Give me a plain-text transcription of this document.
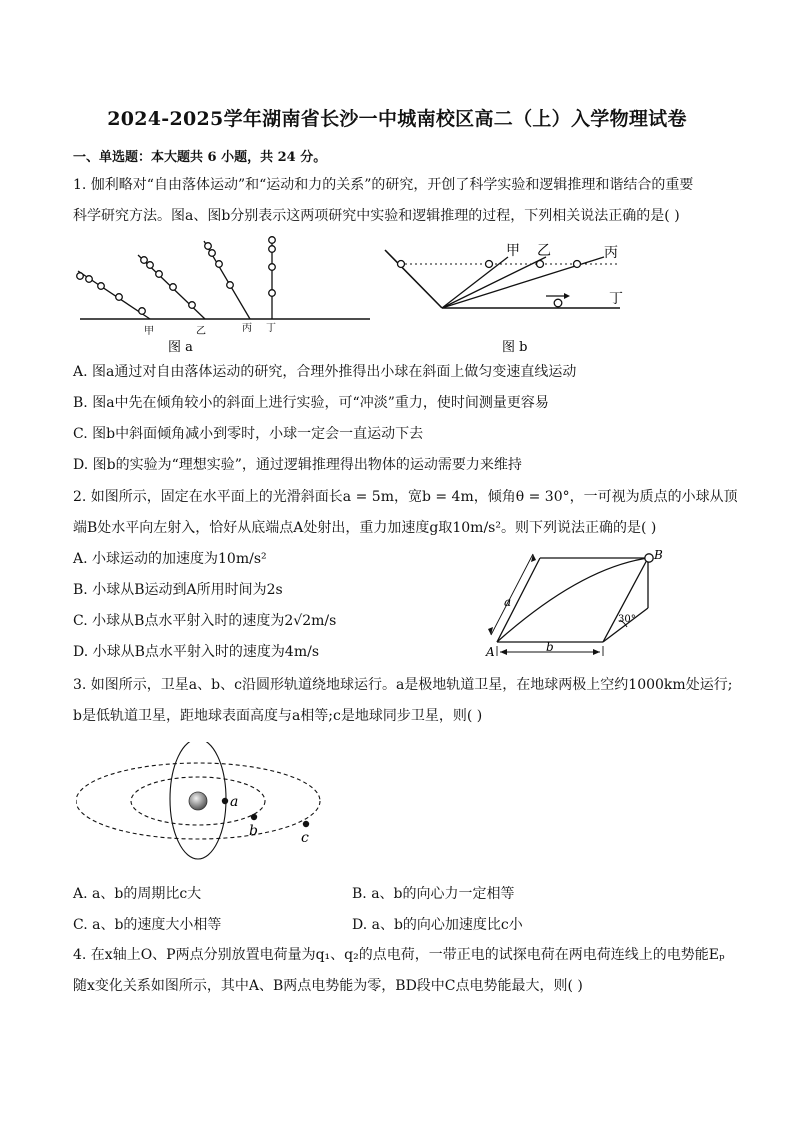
2024-2025学年湖南省长沙一中城南校区高二（上）入学物理试卷
一、单选题：本大题共 6 小题，共 24 分。
1. 伽利略对“自由落体运动”和“运动和力的关系”的研究，开创了科学实验和逻辑推理和谐结合的重要
科学研究方法。图a、图b分别表示这两项研究中实验和逻辑推理的过程，下列相关说法正确的是( )
甲	乙	丙 丁
图 a
甲 乙	丙
丁
图 b
A. 图a通过对自由落体运动的研究，合理外推得出小球在斜面上做匀变速直线运动
B. 图a中先在倾角较小的斜面上进行实验，可“冲淡”重力，使时间测量更容易
C. 图b中斜面倾角减小到零时，小球一定会一直运动下去
D. 图b的实验为“理想实验”，通过逻辑推理得出物体的运动需要力来维持
2. 如图所示，固定在水平面上的光滑斜面长a = 5m，宽b = 4m，倾角θ = 30°，一可视为质点的小球从顶
端B处水平向左射入，恰好从底端点A处射出，重力加速度g取10m/s²。则下列说法正确的是( )
B
A
a
b
30°
A. 小球运动的加速度为10m/s²
B. 小球从B运动到A所用时间为2s
C. 小球从B点水平射入时的速度为2√2m/s
D. 小球从B点水平射入时的速度为4m/s
3. 如图所示，卫星a、b、c沿圆形轨道绕地球运行。a是极地轨道卫星，在地球两极上空约1000km处运行;
b是低轨道卫星，距地球表面高度与a相等;c是地球同步卫星，则( )
a
b	c
A. a、b的周期比c大	B. a、b的向心力一定相等
C. a、b的速度大小相等	D. a、b的向心加速度比c小
4. 在x轴上O、P两点分别放置电荷量为q₁、q₂的点电荷，一带正电的试探电荷在两电荷连线上的电势能Eₚ
随x变化关系如图所示，其中A、B两点电势能为零，BD段中C点电势能最大，则( )
